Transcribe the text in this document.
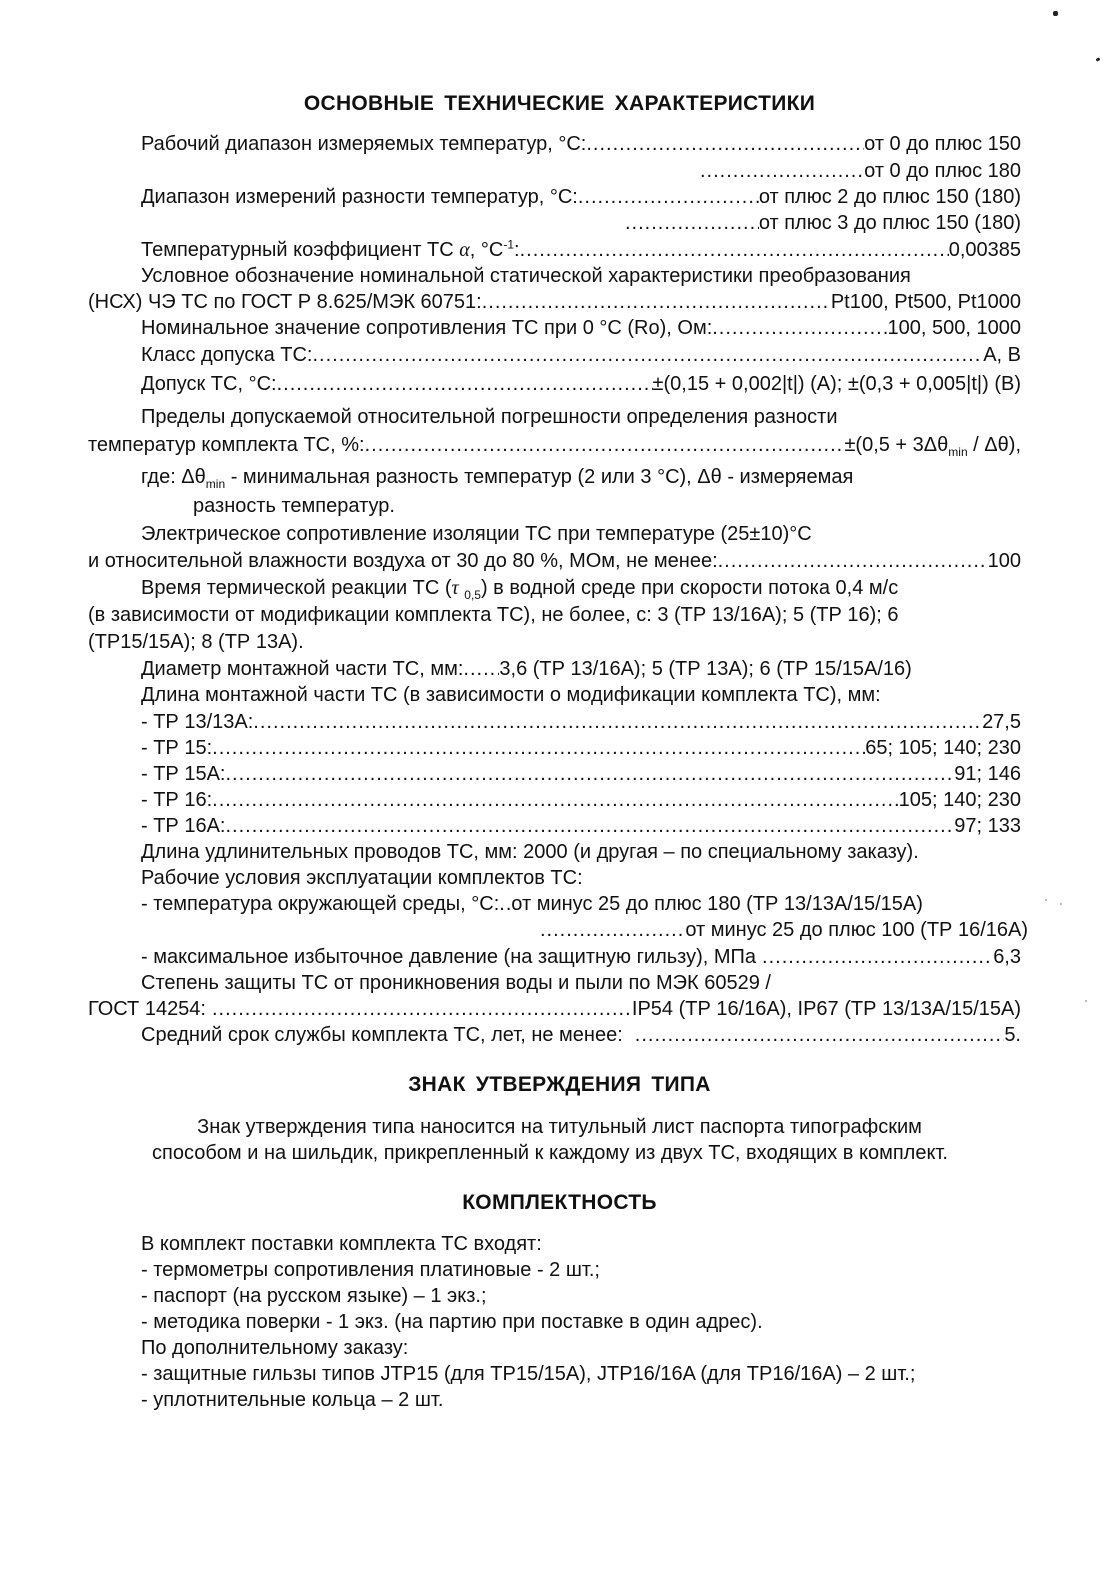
ОСНОВНЫЕ ТЕХНИЧЕСКИЕ ХАРАКТЕРИСТИКИ
Рабочий диапазон измеряемых температур, °С: .....	от 0 до плюс 150
.....
от 0 до плюс 180
Диапазон измерений разности температур, °С: .....	от плюс 2 до плюс 150 (180)
.....
от плюс 3 до плюс 150 (180)
Температурный коэффициент ТС α, $^\circ С^{-1}$: .....	0,00385
Условное обозначение номинальной статической характеристики преобразования
(НСХ) ЧЭ ТС по ГОСТ Р 8.625/МЭК 60751: .....	Pt100, Pt500, Pt1000
Номинальное значение сопротивления ТС при 0 °С (Ro), Ом: .....	100, 500, 1000
Класс допуска ТС: .....	А, В
Допуск ТС, °С: .....	±(0,15 + 0,002|t|) (А); ±(0,3 + 0,005|t|) (В)
Пределы допускаемой относительной погрешности определения разности
температур комплекта ТС, %: .....	$\pm(0,5 + 3\Delta\theta_{min} / \Delta\theta)$,
где: $\Delta\theta_{min}$ - минимальная разность температур (2 или 3 °С), Δθ - измеряемая
разность температур.
Электрическое сопротивление изоляции ТС при температуре (25±10)°С
и относительной влажности воздуха от 30 до 80 %, МОм, не менее: .....	100
Время термической реакции ТС (τ $_{0,5}$) в водной среде при скорости потока 0,4 м/с
(в зависимости от модификации комплекта ТС), не более, с: 3 (ТР 13/16А); 5 (ТР 16); 6
(ТР15/15А); 8 (ТР 13А).
Диаметр монтажной части ТС, мм: ..... 3,6 (ТР 13/16А); 5 (ТР 13А); 6 (ТР 15/15А/16)
Длина монтажной части ТС (в зависимости о модификации комплекта ТС), мм:
- ТР 13/13А: .....	27,5
- ТР 15: .....	65; 105; 140; 230
- ТР 15А: .....	91; 146
- ТР 16: .....	105; 140; 230
- ТР 16А: .....	97; 133
Длина удлинительных проводов ТС, мм: 2000 (и другая – по специальному заказу).
Рабочие условия эксплуатации комплектов ТС:
- температура окружающей среды, °С: ..... от минус 25 до плюс 180 (ТР 13/13А/15/15А)
.....
от минус 25 до плюс 100 (ТР 16/16А)
- максимальное избыточное давление (на защитную гильзу), МПа .....	6,3
Степень защиты ТС от проникновения воды и пыли по МЭК 60529 /
ГОСТ 14254: .....	IP54 (ТР 16/16А), IP67 (ТР 13/13А/15/15А)
Средний срок службы комплекта ТС, лет, не менее: .....	5.
ЗНАК УТВЕРЖДЕНИЯ ТИПА
Знак утверждения типа наносится на титульный лист паспорта типографским
способом и на шильдик, прикрепленный к каждому из двух ТС, входящих в комплект.
КОМПЛЕКТНОСТЬ
В комплект поставки комплекта ТС входят:
- термометры сопротивления платиновые - 2 шт.;
- паспорт (на русском языке) – 1 экз.;
- методика поверки - 1 экз. (на партию при поставке в один адрес).
По дополнительному заказу:
- защитные гильзы типов JTP15 (для ТР15/15А), JTP16/16A (для ТР16/16А) – 2 шт.;
- уплотнительные кольца – 2 шт.
